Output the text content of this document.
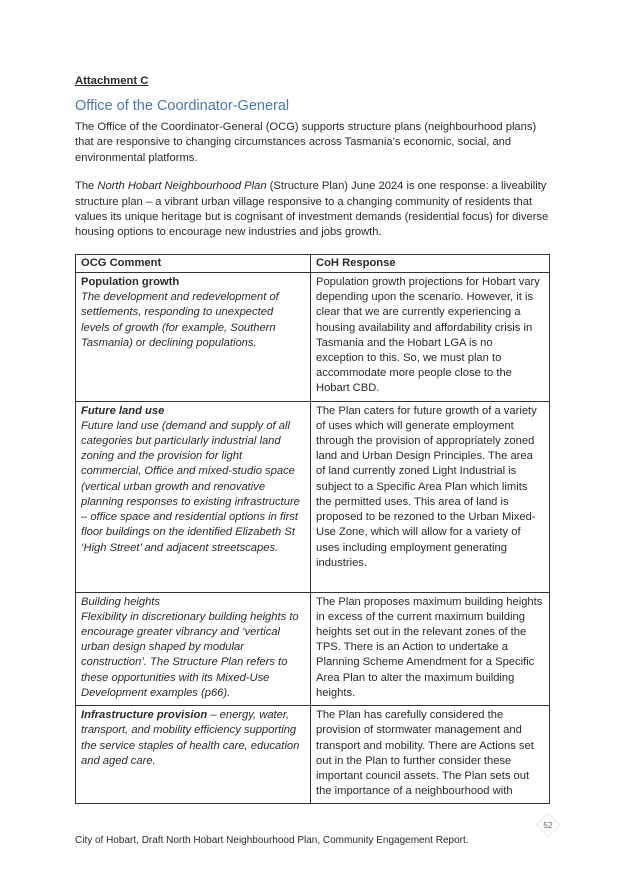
Attachment C
Office of the Coordinator-General

The Office of the Coordinator-General (OCG) supports structure plans (neighbourhood plans) that are responsive to changing circumstances across Tasmania’s economic, social, and environmental platforms.

The North Hobart Neighbourhood Plan (Structure Plan) June 2024 is one response: a liveability structure plan – a vibrant urban village responsive to a changing community of residents that values its unique heritage but is cognisant of investment demands (residential focus) for diverse housing options to encourage new industries and jobs growth.

OCG Comment	CoH Response

Population growth
The development and redevelopment of settlements, responding to unexpected levels of growth (for example, Southern Tasmania) or declining populations.	Population growth projections for Hobart vary depending upon the scenario. However, it is clear that we are currently experiencing a housing availability and affordability crisis in Tasmania and the Hobart LGA is no exception to this. So, we must plan to accommodate more people close to the Hobart CBD.

Future land use
Future land use (demand and supply of all categories but particularly industrial land zoning and the provision for light commercial, Office and mixed-studio space (vertical urban growth and renovative planning responses to existing infrastructure – office space and residential options in first floor buildings on the identified Elizabeth St ‘High Street’ and adjacent streetscapes.	The Plan caters for future growth of a variety of uses which will generate employment through the provision of appropriately zoned land and Urban Design Principles. The area of land currently zoned Light Industrial is subject to a Specific Area Plan which limits the permitted uses. This area of land is proposed to be rezoned to the Urban Mixed-Use Zone, which will allow for a variety of uses including employment generating industries.

Building heights
Flexibility in discretionary building heights to encourage greater vibrancy and ‘vertical urban design shaped by modular construction’. The Structure Plan refers to these opportunities with its Mixed-Use Development examples (p66).	The Plan proposes maximum building heights in excess of the current maximum building heights set out in the relevant zones of the TPS. There is an Action to undertake a Planning Scheme Amendment for a Specific Area Plan to alter the maximum building heights.
Infrastructure provision – energy, water, transport, and mobility efficiency supporting the service staples of health care, education and aged care.	The Plan has carefully considered the provision of stormwater management and transport and mobility. There are Actions set out in the Plan to further consider these important council assets. The Plan sets out the importance of a neighbourhood with
52
City of Hobart, Draft North Hobart Neighbourhood Plan, Community Engagement Report.
